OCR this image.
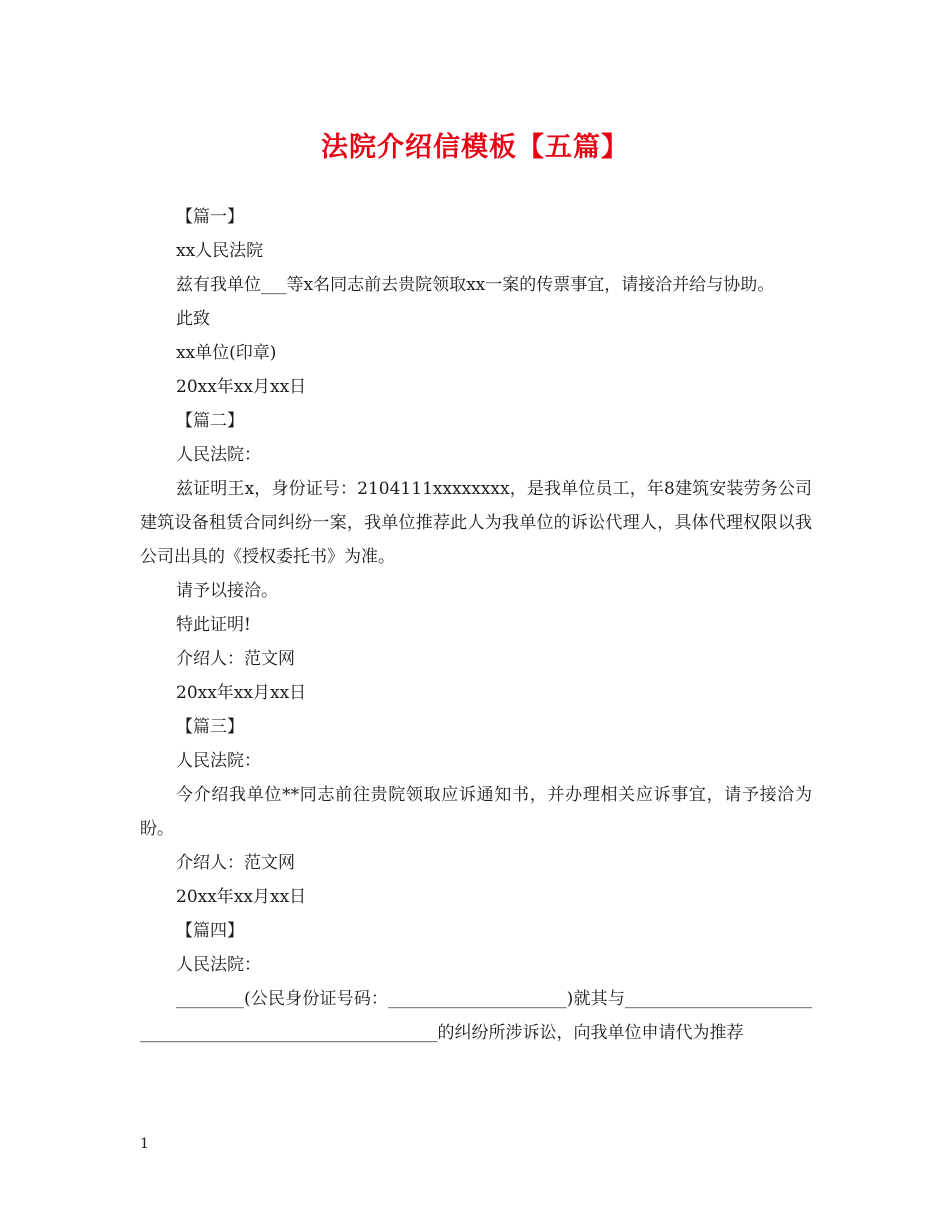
法院介绍信模板【五篇】

【篇一】

xx人民法院

兹有我单位___等x名同志前去贵院领取xx一案的传票事宜，请接洽并给与协助。

此致

xx单位(印章)

20xx年xx月xx日

【篇二】

人民法院：

兹证明王x，身份证号：2104111xxxxxxxx，是我单位员工，年8建筑安装劳务公司建筑设备租赁合同纠纷一案，我单位推荐此人为我单位的诉讼代理人，具体代理权限以我公司出具的《授权委托书》为准。

请予以接洽。

特此证明!

介绍人：范文网

20xx年xx月xx日

【篇三】

人民法院：

今介绍我单位**同志前往贵院领取应诉通知书，并办理相关应诉事宜，请予接洽为盼。

介绍人：范文网

20xx年xx月xx日

【篇四】

人民法院：

________(公民身份证号码：_____________________)就其与_________________________________________________________的纠纷所涉诉讼，向我单位申请代为推荐

1
